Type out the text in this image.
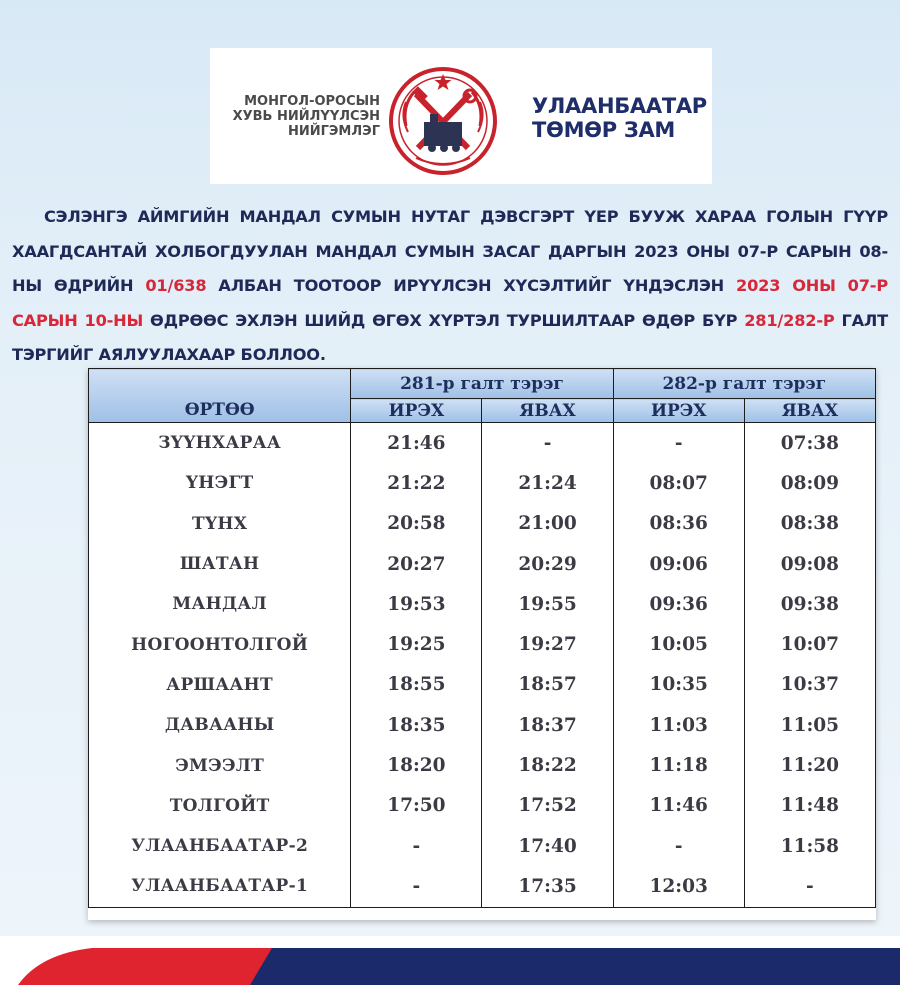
МОНГОЛ-ОРОСЫН
ХУВЬ НИЙЛҮҮЛСЭН
НИЙГЭМЛЭГ
УЛААНБААТАР
ТӨМӨР ЗАМ
  СЭЛЭНГЭ АЙМГИЙН МАНДАЛ СУМЫН НУТАГ ДЭВСГЭРТ ҮЕР БУУЖ ХАРАА ГОЛЫН ГҮҮР ХААГДСАНТАЙ ХОЛБОГДУУЛАН МАНДАЛ СУМЫН ЗАСАГ ДАРГЫН 2023 ОНЫ 07-Р САРЫН 08-НЫ ӨДРИЙН 01/638 АЛБАН ТООТООР ИРҮҮЛСЭН ХҮСЭЛТИЙГ ҮНДЭСЛЭН 2023 ОНЫ 07-Р САРЫН 10-НЫ ӨДРӨӨС ЭХЛЭН ШИЙД ӨГӨХ ХҮРТЭЛ ТУРШИЛТААР ӨДӨР БҮР 281/282-Р ГАЛТ ТЭРГИЙГ АЯЛУУЛАХААР БОЛЛОО.
ӨРТӨӨ	281-р галт тэрэг		282-р галт тэрэг	
	ИРЭХ	ЯВАХ	ИРЭХ	ЯВАХ
ЗҮҮНХАРАА	21:46	-	-	07:38
ҮНЭГТ	21:22	21:24	08:07	08:09
ТҮНХ	20:58	21:00	08:36	08:38
ШАТАН	20:27	20:29	09:06	09:08
МАНДАЛ	19:53	19:55	09:36	09:38
НОГООНТОЛГОЙ	19:25	19:27	10:05	10:07
АРШААНТ	18:55	18:57	10:35	10:37
ДАВААНЫ	18:35	18:37	11:03	11:05
ЭМЭЭЛТ	18:20	18:22	11:18	11:20
ТОЛГОЙТ	17:50	17:52	11:46	11:48
УЛААНБААТАР-2	-	17:40	-	11:58
УЛААНБААТАР-1	-	17:35	12:03	-
